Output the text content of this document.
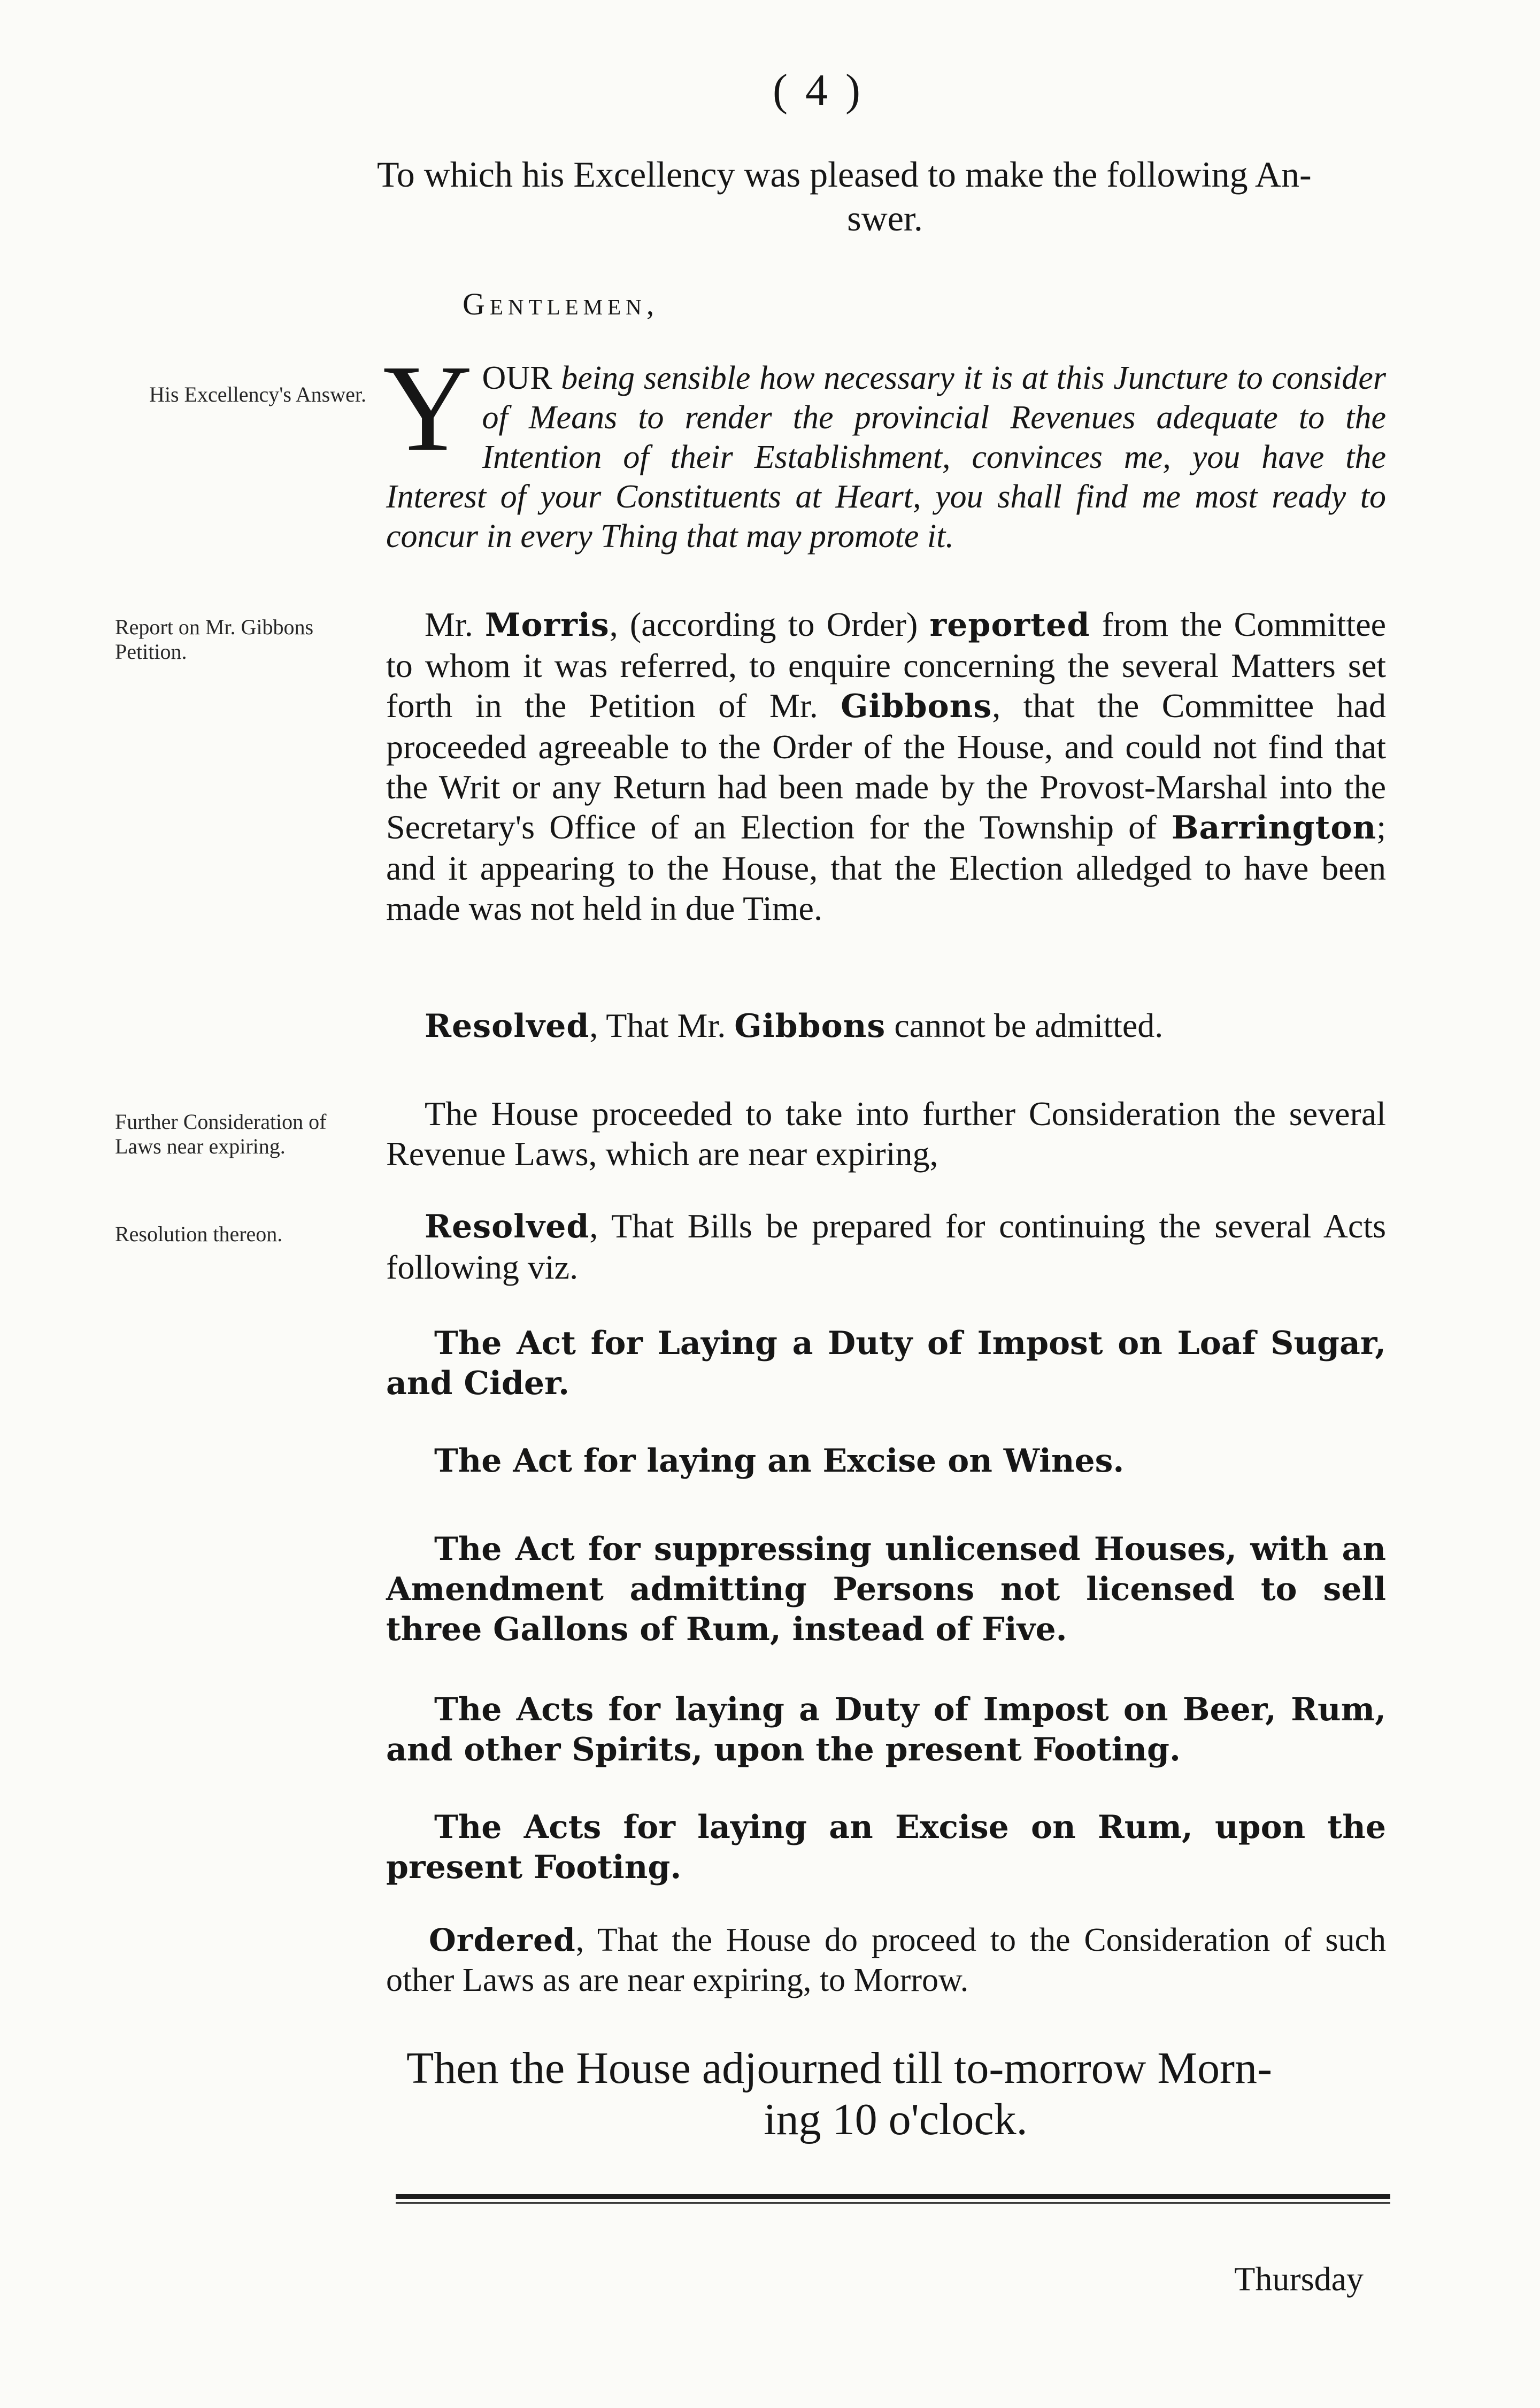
( 4 )
To which his Excellency was pleased to make the following An-
swer.
Gentlemen,
His Excellency's Answer.
Report on Mr. Gibbons Petition.
Further Consideration of Laws near expiring.
Resolution thereon.
YOUR being sensible how necessary it is at this Juncture to consider of Means to render the provincial Revenues adequate to the Intention of their Establishment, convinces me, you have the Interest of your Constituents at Heart, you shall find me most ready to concur in every Thing that may promote it.
Mr. Morris, (according to Order) reported from the Committee to whom it was referred, to enquire concerning the several Matters set forth in the Petition of Mr. Gibbons, that the Committee had proceeded agreeable to the Order of the House, and could not find that the Writ or any Return had been made by the Provost-Marshal into the Secretary's Office of an Election for the Township of Barrington; and it appearing to the House, that the Election alledged to have been made was not held in due Time.
Resolved, That Mr. Gibbons cannot be admitted.
The House proceeded to take into further Consideration the several Revenue Laws, which are near expiring,
Resolved, That Bills be prepared for continuing the several Acts following viz.
The Act for Laying a Duty of Impost on Loaf Sugar, and Cider.
The Act for laying an Excise on Wines.
The Act for suppressing unlicensed Houses, with an Amendment admitting Persons not licensed to sell three Gallons of Rum, instead of Five.
The Acts for laying a Duty of Impost on Beer, Rum, and other Spirits, upon the present Footing.
The Acts for laying an Excise on Rum, upon the present Footing.
Ordered, That the House do proceed to the Consideration of such other Laws as are near expiring, to Morrow.
Then the House adjourned till to-morrow Morn-
ing 10 o'clock.
Thursday
